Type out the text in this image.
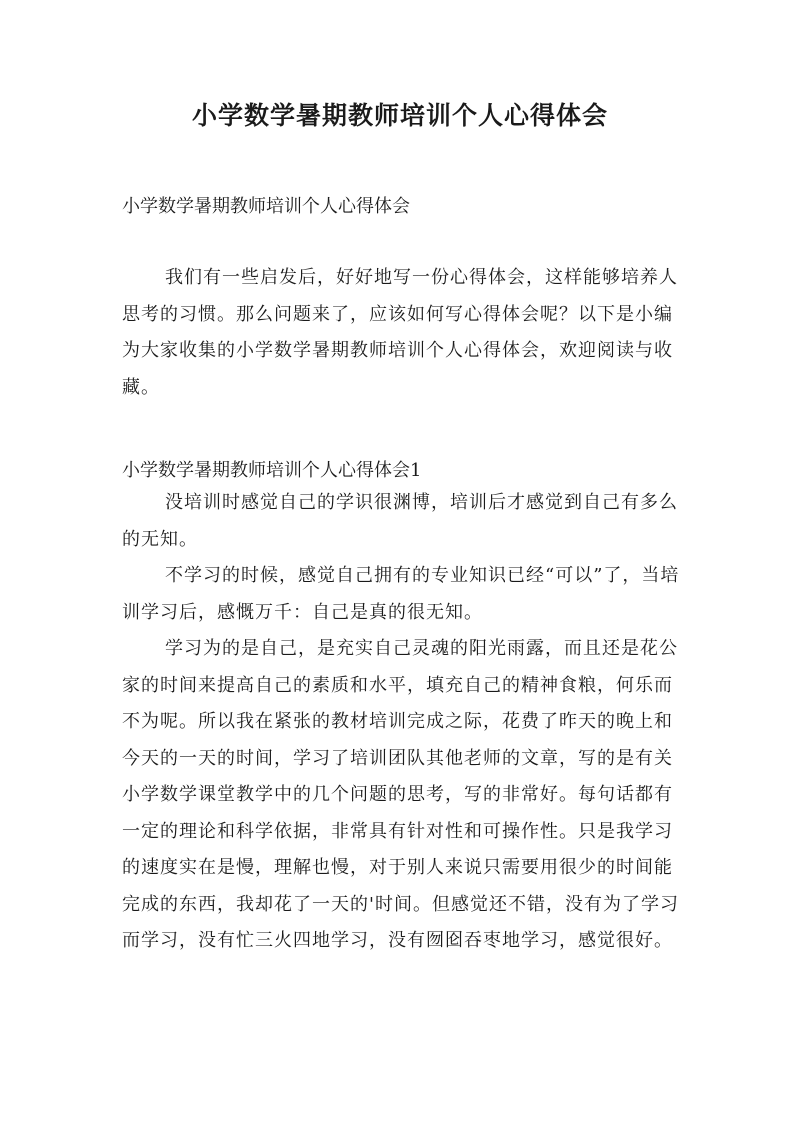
小学数学暑期教师培训个人心得体会
小学数学暑期教师培训个人心得体会

我们有一些启发后，好好地写一份心得体会，这样能够培养人思考的习惯。那么问题来了，应该如何写心得体会呢？以下是小编为大家收集的小学数学暑期教师培训个人心得体会，欢迎阅读与收藏。

小学数学暑期教师培训个人心得体会1

没培训时感觉自己的学识很渊博，培训后才感觉到自己有多么的无知。

不学习的时候，感觉自己拥有的专业知识已经“可以”了，当培训学习后，感慨万千：自己是真的很无知。

学习为的是自己，是充实自己灵魂的阳光雨露，而且还是花公家的时间来提高自己的素质和水平，填充自己的精神食粮，何乐而不为呢。所以我在紧张的教材培训完成之际，花费了昨天的晚上和今天的一天的时间，学习了培训团队其他老师的文章，写的是有关小学数学课堂教学中的几个问题的思考，写的非常好。每句话都有一定的理论和科学依据，非常具有针对性和可操作性。只是我学习的速度实在是慢，理解也慢，对于别人来说只需要用很少的时间能完成的东西，我却花了一天的'时间。但感觉还不错，没有为了学习而学习，没有忙三火四地学习，没有囫囵吞枣地学习，感觉很好。
